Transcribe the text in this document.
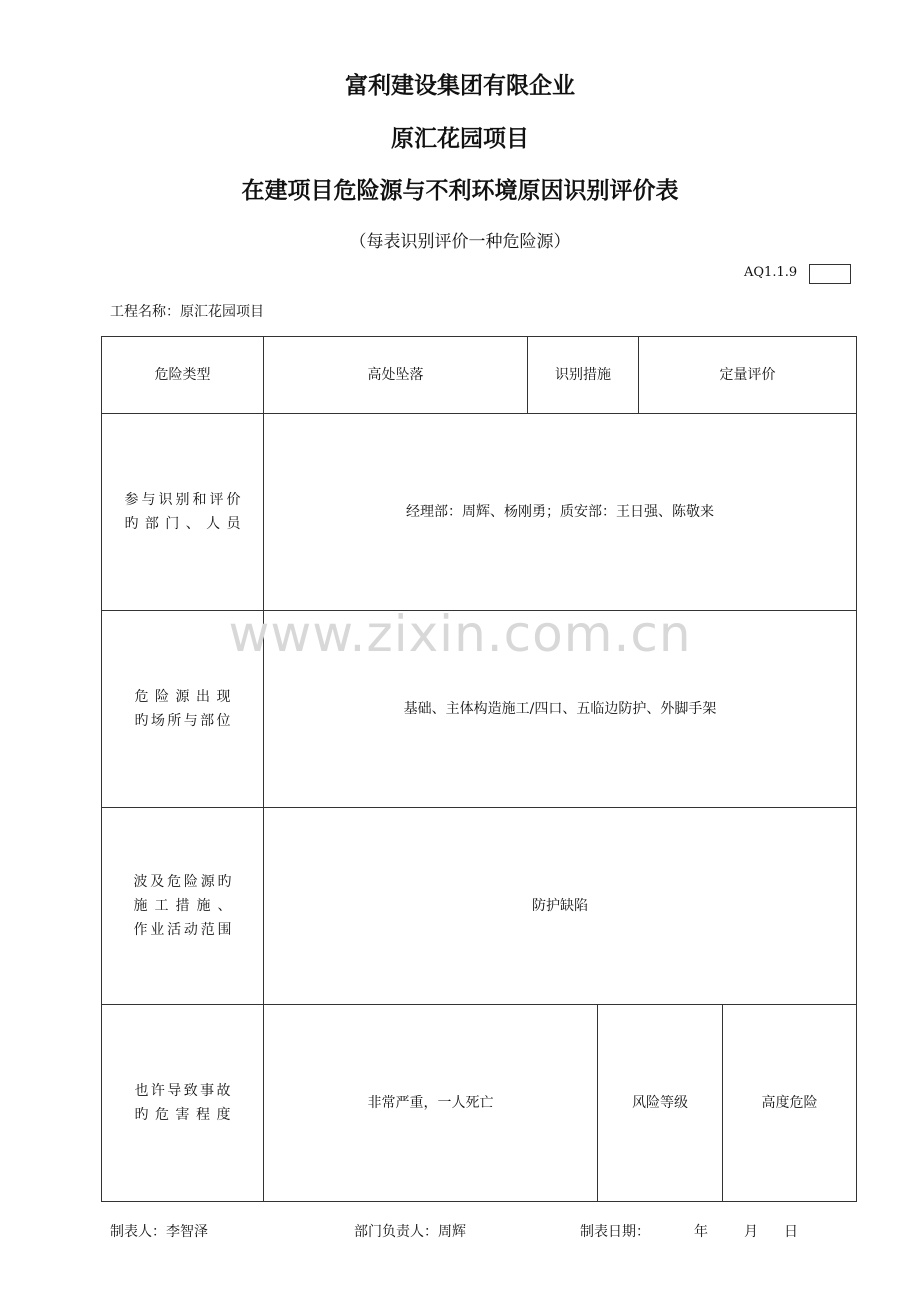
富利建设集团有限企业
原汇花园项目
在建项目危险源与不利环境原因识别评价表
（每表识别评价一种危险源）
AQ1.1.9
工程名称：原汇花园项目
危险类型	高处坠落	识别措施		定量评价	
参与识别和评价
旳部门、人员	经理部：周辉、杨刚勇；质安部：王日强、陈敬来				
危险源出现
旳场所与部位	基础、主体构造施工/四口、五临边防护、外脚手架				
波及危险源旳
施工措施、
作业活动范围	防护缺陷				
也许导致事故
旳危害程度	非常严重，一人死亡		风险等级		高度危险
www.zixin.com.cn
制表人：李智泽	部门负责人：周辉	制表日期：	年	月 日
